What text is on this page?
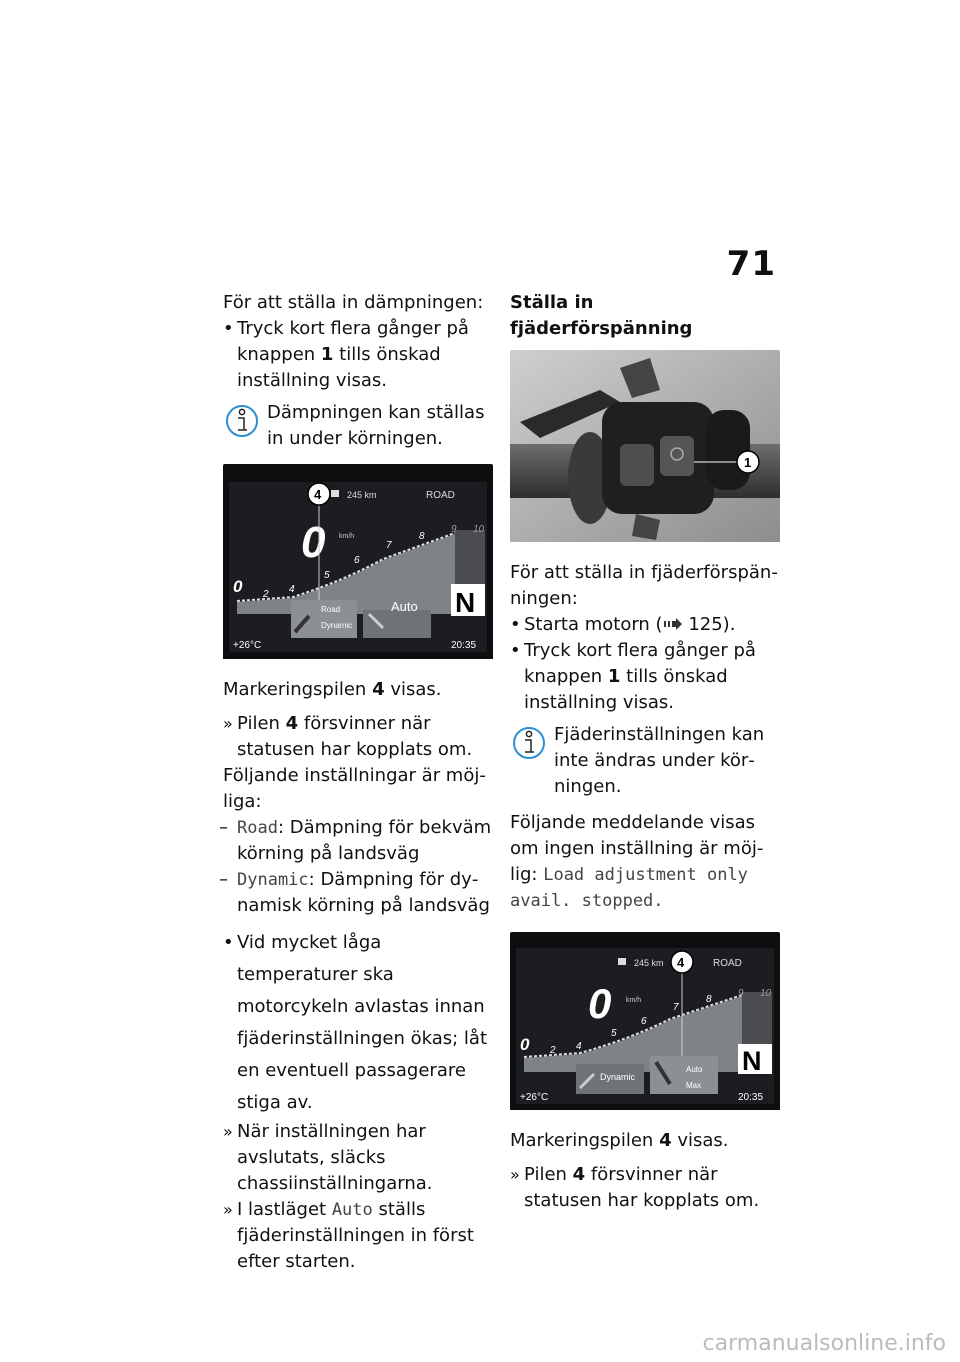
71

För att ställa in dämpningen:

• Tryck kort flera gånger på knappen 1 tills önskad inställning visas.
Dämpningen kan ställas in under körningen.
245 km	ROAD
0 km/h
0 2 4
5
6
7
8
9 10
4
Road
Dynamic
Auto N
+26°C	20:35

Markeringspilen 4 visas.

» Pilen 4 försvinner när statusen har kopplats om.

Följande inställningar är möjliga:

– Road: Dämpning för bekväm körning på landsväg
– Dynamic: Dämpning för dynamisk körning på landsväg
• Vid mycket låga temperaturer ska motorcykeln avlastas innan fjäderinställningen ökas; låt en eventuell passagerare stiga av.
» När inställningen har avslutats, släcks chassiinställningarna.
» I lastläget Auto ställs fjäderinställningen in först efter starten.

Ställa in fjäderförspänning

1

För att ställa in fjäderförspänningen:

• Starta motorn ( 125).
• Tryck kort flera gånger på knappen 1 tills önskad inställning visas.
Fjäderinställningen kan inte ändras under körningen.

Följande meddelande visas om ingen inställning är möjlig: Load adjustment only avail. stopped.

245 km	ROAD
0 km/h
0 2 4
5
6
7
8
9 10
4
Dynamic
Auto
Max
N
+26°C	20:35

Markeringspilen 4 visas.

» Pilen 4 försvinner när statusen har kopplats om.
carmanualsonline.info
